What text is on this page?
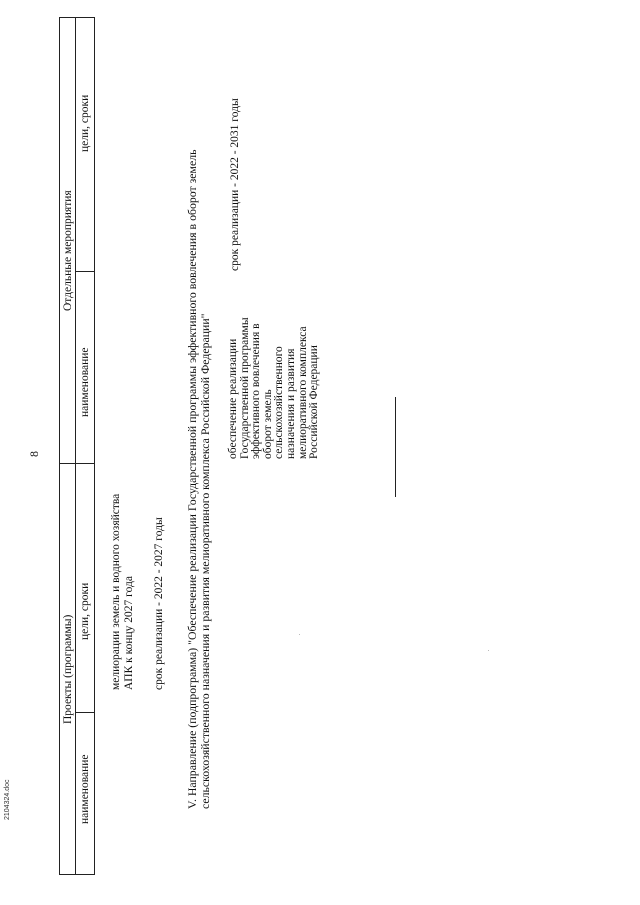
8
Проекты (программы)
Отдельные мероприятия
наименование
цели, сроки
наименование
цели, сроки
мелиорации земель и водного хозяйства
АПК к концу 2027 года срок реализации - 2022 - 2027 годы
V. Направление (подпрограмма) "Обеспечение реализации Государственной программы эффективного вовлечения в оборот земель
сельскохозяйственного назначения и развития мелиоративного комплекса Российской Федерации"
обеспечение реализации
Государственной программы
эффективного вовлечения в
оборот земель
сельскохозяйственного
назначения и развития
мелиоративного комплекса
Российской Федерации
срок реализации - 2022 - 2031 годы
2104324.doc
